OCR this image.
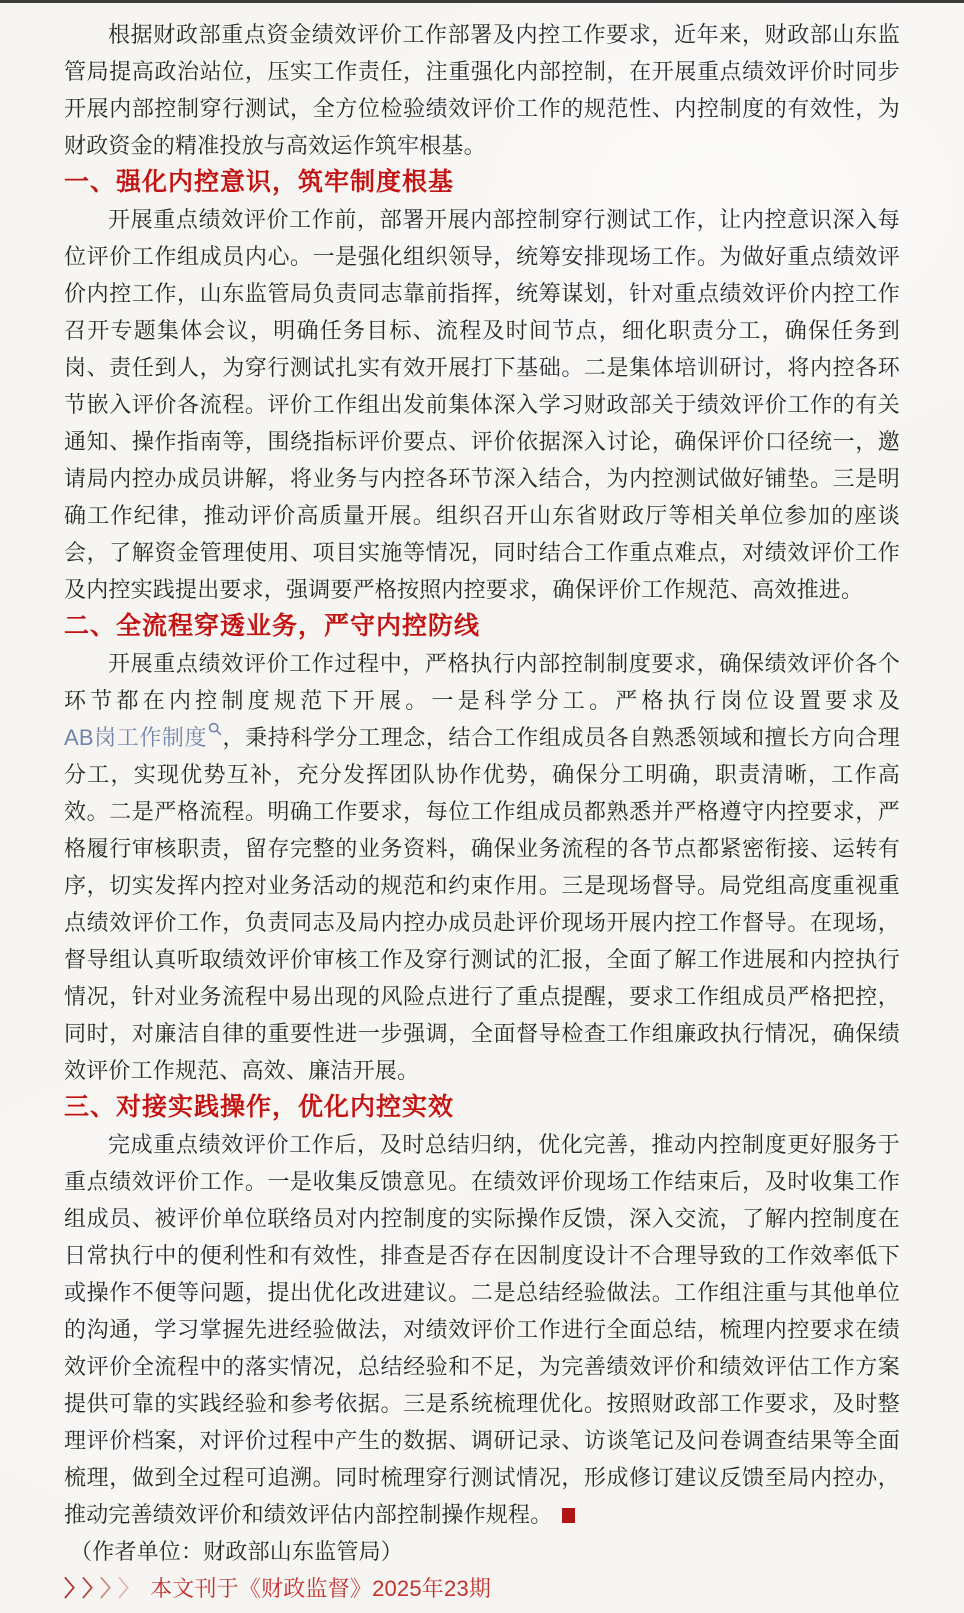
根据财政部重点资金绩效评价工作部署及内控工作要求，近年来，财政部山东监管局提高政治站位，压实工作责任，注重强化内部控制，在开展重点绩效评价时同步开展内部控制穿行测试，全方位检验绩效评价工作的规范性、内控制度的有效性，为财政资金的精准投放与高效运作筑牢根基。

一、强化内控意识，筑牢制度根基

开展重点绩效评价工作前，部署开展内部控制穿行测试工作，让内控意识深入每位评价工作组成员内心。一是强化组织领导，统筹安排现场工作。为做好重点绩效评价内控工作，山东监管局负责同志靠前指挥，统筹谋划，针对重点绩效评价内控工作召开专题集体会议，明确任务目标、流程及时间节点，细化职责分工，确保任务到岗、责任到人，为穿行测试扎实有效开展打下基础。二是集体培训研讨，将内控各环节嵌入评价各流程。评价工作组出发前集体深入学习财政部关于绩效评价工作的有关通知、操作指南等，围绕指标评价要点、评价依据深入讨论，确保评价口径统一，邀请局内控办成员讲解，将业务与内控各环节深入结合，为内控测试做好铺垫。三是明确工作纪律，推动评价高质量开展。组织召开山东省财政厅等相关单位参加的座谈会，了解资金管理使用、项目实施等情况，同时结合工作重点难点，对绩效评价工作及内控实践提出要求，强调要严格按照内控要求，确保评价工作规范、高效推进。

二、全流程穿透业务，严守内控防线

开展重点绩效评价工作过程中，严格执行内部控制制度要求，确保绩效评价各个环节都在内控制度规范下开展。一是科学分工。严格执行岗位设置要求及AB岗工作制度 ，秉持科学分工理念，结合工作组成员各自熟悉领域和擅长方向合理分工，实现优势互补，充分发挥团队协作优势，确保分工明确，职责清晰，工作高效。二是严格流程。明确工作要求，每位工作组成员都熟悉并严格遵守内控要求，严格履行审核职责，留存完整的业务资料，确保业务流程的各节点都紧密衔接、运转有序，切实发挥内控对业务活动的规范和约束作用。三是现场督导。局党组高度重视重点绩效评价工作，负责同志及局内控办成员赴评价现场开展内控工作督导。在现场，督导组认真听取绩效评价审核工作及穿行测试的汇报，全面了解工作进展和内控执行情况，针对业务流程中易出现的风险点进行了重点提醒，要求工作组成员严格把控，同时，对廉洁自律的重要性进一步强调，全面督导检查工作组廉政执行情况，确保绩效评价工作规范、高效、廉洁开展。

三、对接实践操作，优化内控实效

完成重点绩效评价工作后，及时总结归纳，优化完善，推动内控制度更好服务于重点绩效评价工作。一是收集反馈意见。在绩效评价现场工作结束后，及时收集工作组成员、被评价单位联络员对内控制度的实际操作反馈，深入交流，了解内控制度在日常执行中的便利性和有效性，排查是否存在因制度设计不合理导致的工作效率低下或操作不便等问题，提出优化改进建议。二是总结经验做法。工作组注重与其他单位的沟通，学习掌握先进经验做法，对绩效评价工作进行全面总结，梳理内控要求在绩效评价全流程中的落实情况，总结经验和不足，为完善绩效评价和绩效评估工作方案提供可靠的实践经验和参考依据。三是系统梳理优化。按照财政部工作要求，及时整理评价档案，对评价过程中产生的数据、调研记录、访谈笔记及问卷调查结果等全面梳理，做到全过程可追溯。同时梳理穿行测试情况，形成修订建议反馈至局内控办，推动完善绩效评价和绩效评估内部控制操作规程。

（作者单位：财政部山东监管局）

〉〉〉〉 本文刊于《财政监督》2025年23期
